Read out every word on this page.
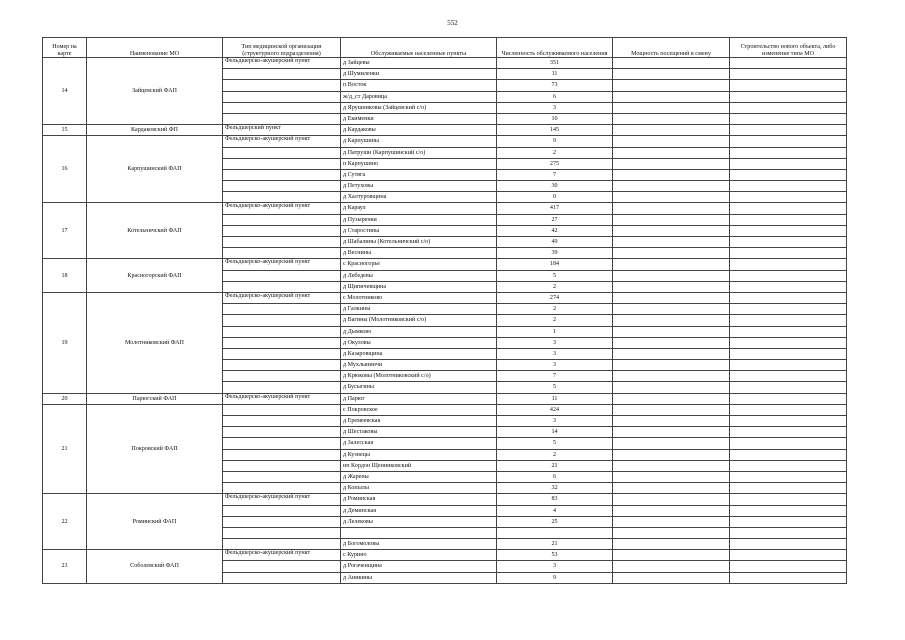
552
Номер на карте	Наименование МО	Тип медицинской организации (структурного подразделения)	Обслуживаемые населенные пункты	Численность обслуживаемого населения	Мощность посещений в смену	Строительство нового объекта, либо изменение типа МО
14	Зайцевский ФАП	Фельдшерско-акушерский пункт	д Зайцевы	351		
			д Шумиленки	11		
			п Восток	73		
			ж/д_ст Даровица	6		
			д Ярушниковы (Зайцевский с/о)	3		
			д Екименки	10		
15	Кардаковский ФП	Фельдшерский пункт	д Кардаковы	145		
16	Карпушинский ФАП	Фельдшерско-акушерский пункт	д Карпушины	9		
			д Патруши (Карпушинский с/о)	2		
			п Карпушино	275		
			д Сутяга	7		
			д Петуховы	30		
			д Халтуровщина	0		
17	Котельничский ФАП	Фельдшерско-акушерский пункт	д Караул	417		
			д Пузыренки	27		
			д Старостины	42		
			д Шабалины (Котельничский с/о)	49		
			д Веснины	39		
18	Красногорский ФАП	Фельдшерско-акушерский пункт	с Красногорье	184		
			д Лебедевы	5		
			д Щипичевщина	2		
19	Молотниковский ФАП	Фельдшерско-акушерский пункт	с Молотниково	274		
			д Галкины	2		
			д Вагины (Молотниковский с/о)	2		
			д Дымково	1		
			д Окуловы	3		
			д Казаровщина	3		
			д Мухлынинчи	3		
			д Крюковы (Молотниковский с/о)	7		
			д Бусыгины	5		
20	Парюгский ФАП	Фельдшерско-акушерский пункт	д Парюг	11		
21	Покровский ФАП		с Покровское	424		
			д Еремеевская	3		
			д Шестаковы	14		
			д Залесская	5		
			д Кузнецы	2		
			нп Кордон Щенниковский	21		
			д Жарены	6		
			д Копылы	32		
22	Роминский ФАП	Фельдшерско-акушерский пункт	д Роминская	83		
			д Деминская	4		
			д Лелековы	25		

			д Богомоловы	21		
23	Соболевский ФАП	Фельдшерско-акушерский пункт	с Курино	53		
			д Рогаченщина	3		
			д Аникины	9		
